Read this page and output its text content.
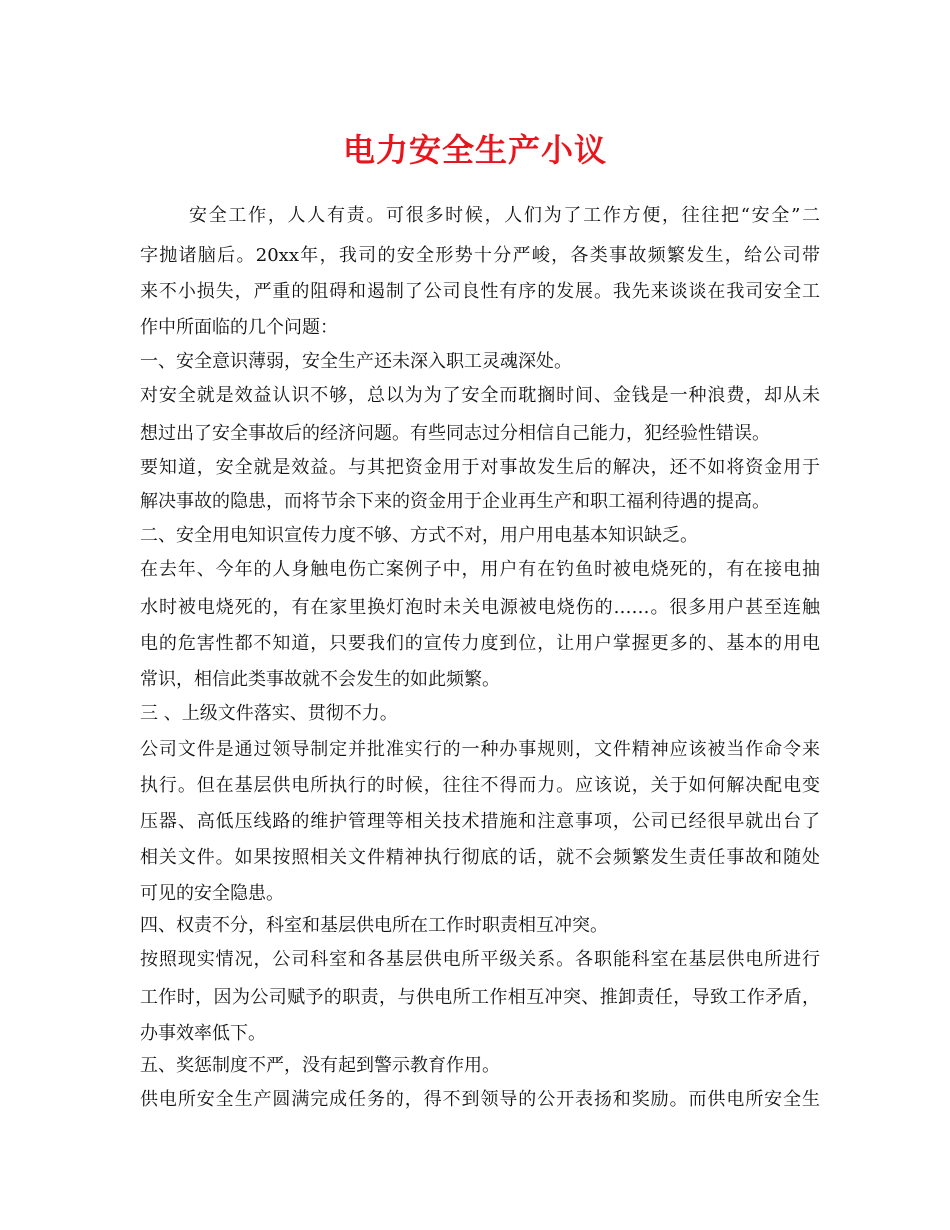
电力安全生产小议
安全工作，人人有责。可很多时候，人们为了工作方便，往往把“安全”二
字抛诸脑后。20xx年，我司的安全形势十分严峻，各类事故频繁发生，给公司带
来不小损失，严重的阻碍和遏制了公司良性有序的发展。我先来谈谈在我司安全工
作中所面临的几个问题：
一、安全意识薄弱，安全生产还未深入职工灵魂深处。
对安全就是效益认识不够，总以为为了安全而耽搁时间、金钱是一种浪费，却从未
想过出了安全事故后的经济问题。有些同志过分相信自己能力，犯经验性错误。
要知道，安全就是效益。与其把资金用于对事故发生后的解决，还不如将资金用于
解决事故的隐患，而将节余下来的资金用于企业再生产和职工福利待遇的提高。
二、安全用电知识宣传力度不够、方式不对，用户用电基本知识缺乏。
在去年、今年的人身触电伤亡案例子中，用户有在钓鱼时被电烧死的，有在接电抽
水时被电烧死的，有在家里换灯泡时未关电源被电烧伤的……。很多用户甚至连触
电的危害性都不知道，只要我们的宣传力度到位，让用户掌握更多的、基本的用电
常识，相信此类事故就不会发生的如此频繁。
三 、上级文件落实、贯彻不力。
公司文件是通过领导制定并批准实行的一种办事规则，文件精神应该被当作命令来
执行。但在基层供电所执行的时候，往往不得而力。应该说，关于如何解决配电变
压器、高低压线路的维护管理等相关技术措施和注意事项，公司已经很早就出台了
相关文件。如果按照相关文件精神执行彻底的话，就不会频繁发生责任事故和随处
可见的安全隐患。
四、权责不分，科室和基层供电所在工作时职责相互冲突。
按照现实情况，公司科室和各基层供电所平级关系。各职能科室在基层供电所进行
工作时，因为公司赋予的职责，与供电所工作相互冲突、推卸责任，导致工作矛盾，
办事效率低下。
五、奖惩制度不严，没有起到警示教育作用。
供电所安全生产圆满完成任务的，得不到领导的公开表扬和奖励。而供电所安全生
